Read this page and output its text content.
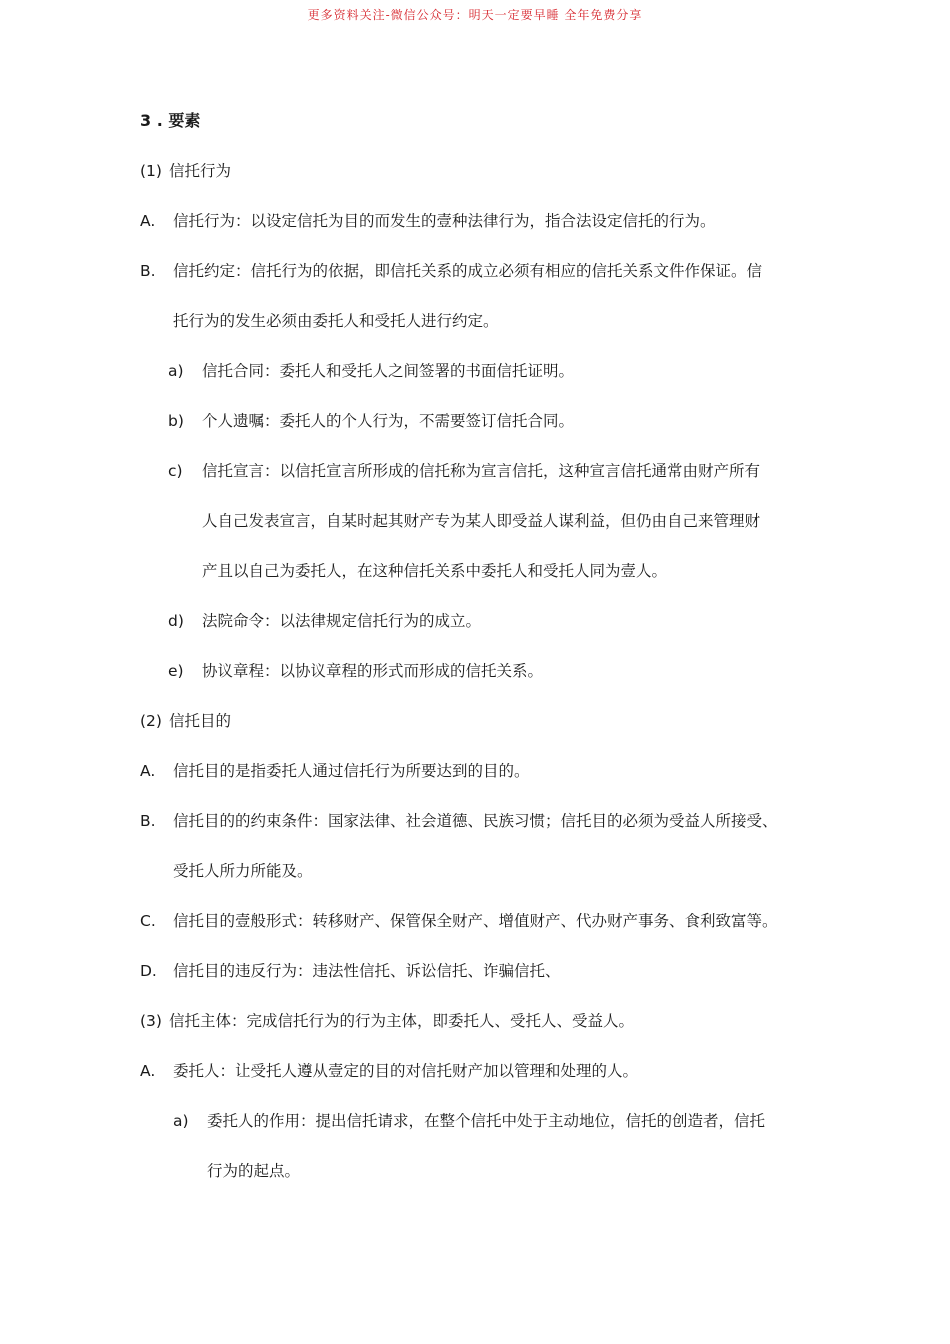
更多资料关注-微信公众号：明天一定要早睡 全年免费分享
3 . 要素
(1) 信托行为
A. 信托行为：以设定信托为目的而发生的壹种法律行为，指合法设定信托的行为。
B. 信托约定：信托行为的依据，即信托关系的成立必须有相应的信托关系文件作保证。信
托行为的发生必须由委托人和受托人进行约定。
a) 信托合同：委托人和受托人之间签署的书面信托证明。
b) 个人遗嘱：委托人的个人行为，不需要签订信托合同。
c) 信托宣言：以信托宣言所形成的信托称为宣言信托，这种宣言信托通常由财产所有
人自己发表宣言，自某时起其财产专为某人即受益人谋利益，但仍由自己来管理财
产且以自己为委托人，在这种信托关系中委托人和受托人同为壹人。
d) 法院命令：以法律规定信托行为的成立。
e) 协议章程：以协议章程的形式而形成的信托关系。
(2) 信托目的
A. 信托目的是指委托人通过信托行为所要达到的目的。
B. 信托目的的约束条件：国家法律、社会道德、民族习惯；信托目的必须为受益人所接受、
受托人所力所能及。
C. 信托目的壹般形式：转移财产、保管保全财产、增值财产、代办财产事务、食利致富等。
D. 信托目的违反行为：违法性信托、诉讼信托、诈骗信托、
(3) 信托主体：完成信托行为的行为主体，即委托人、受托人、受益人。
A. 委托人：让受托人遵从壹定的目的对信托财产加以管理和处理的人。
a) 委托人的作用：提出信托请求，在整个信托中处于主动地位，信托的创造者，信托
行为的起点。
